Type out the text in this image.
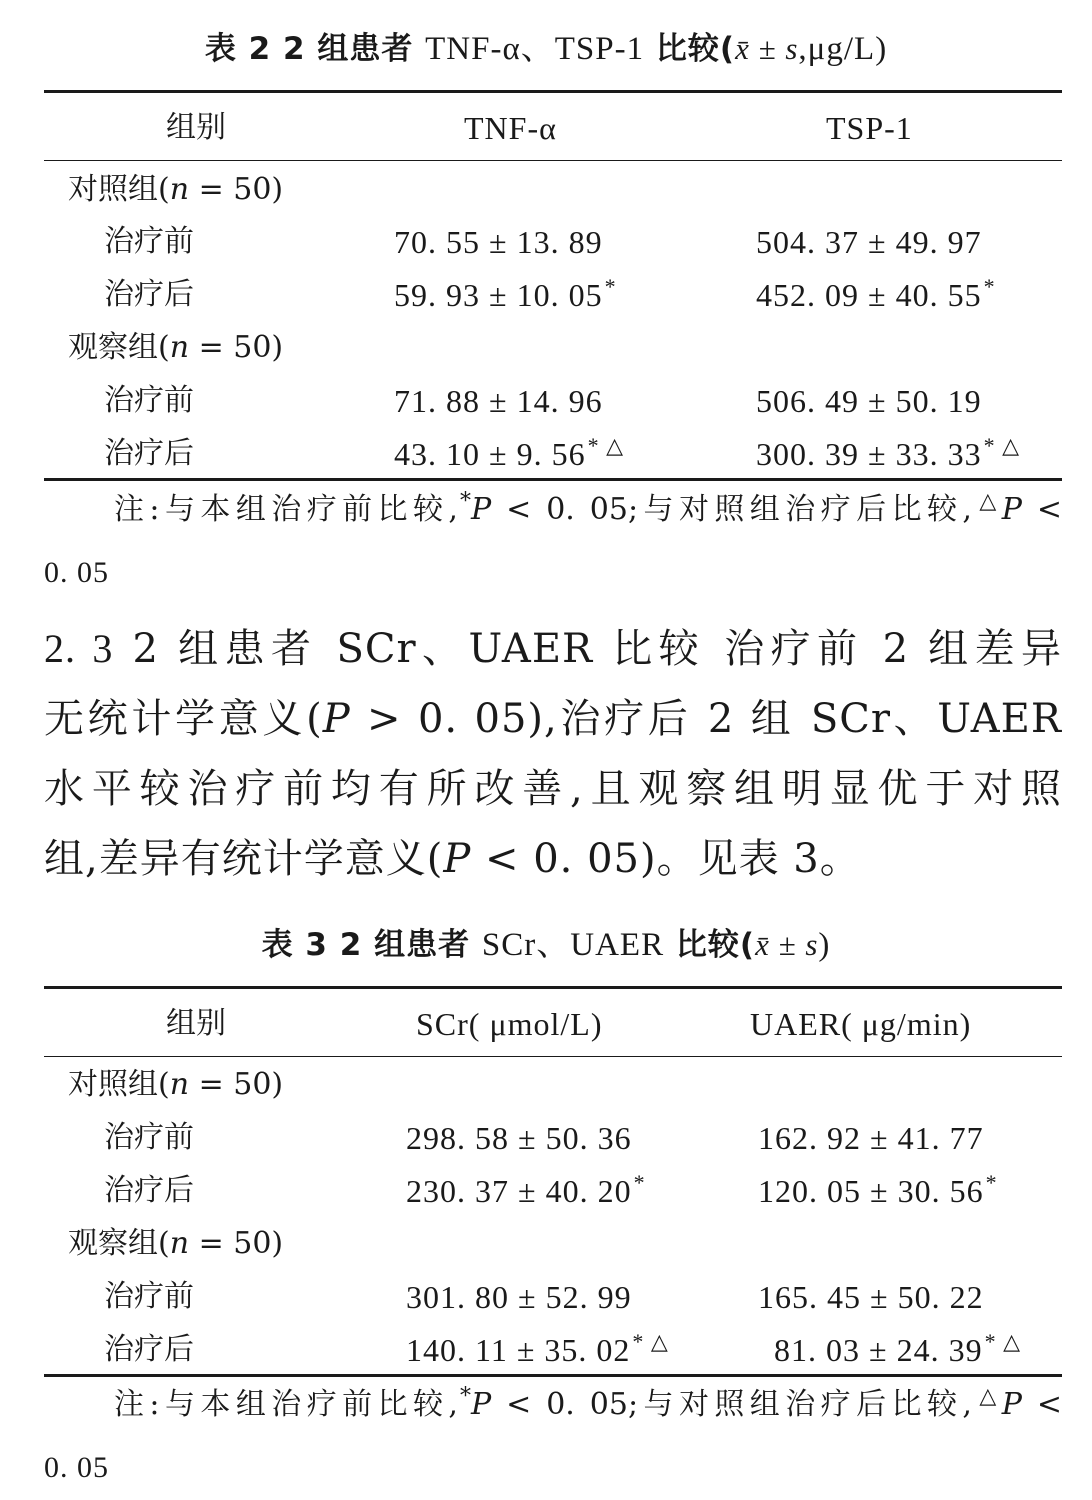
表 2 2 组患者 TNF-α、TSP-1 比较(x̄ ± s,μg/L)
组别	TNF-α	TSP-1
对照组(n = 50)
治疗前	70. 55 ± 13. 89	504. 37 ± 49. 97
治疗后	59. 93 ± 10. 05*	452. 09 ± 40. 55*
观察组(n = 50)
治疗前	71. 88 ± 14. 96	506. 49 ± 50. 19
治疗后	43. 10 ± 9. 56* △	300. 39 ± 33. 33* △
注:与本组治疗前比较,*P < 0. 05;与对照组治疗后比较,△P <
0. 05
2. 3 2 组患者 SCr、UAER 比较 治疗前 2 组差异
无统计学意义(P > 0. 05),治疗后 2 组 SCr、UAER
水平较治疗前均有所改善,且观察组明显优于对照
组,差异有统计学意义(P < 0. 05)。见表 3。
表 3 2 组患者 SCr、UAER 比较(x̄ ± s)
组别	SCr( μmol/L)	UAER( μg/min)
对照组(n = 50)
治疗前	298. 58 ± 50. 36	162. 92 ± 41. 77
治疗后	230. 37 ± 40. 20*	120. 05 ± 30. 56*
观察组(n = 50)
治疗前	301. 80 ± 52. 99	165. 45 ± 50. 22
治疗后	140. 11 ± 35. 02* △	81. 03 ± 24. 39* △
注:与本组治疗前比较,*P < 0. 05;与对照组治疗后比较,△P <
0. 05
